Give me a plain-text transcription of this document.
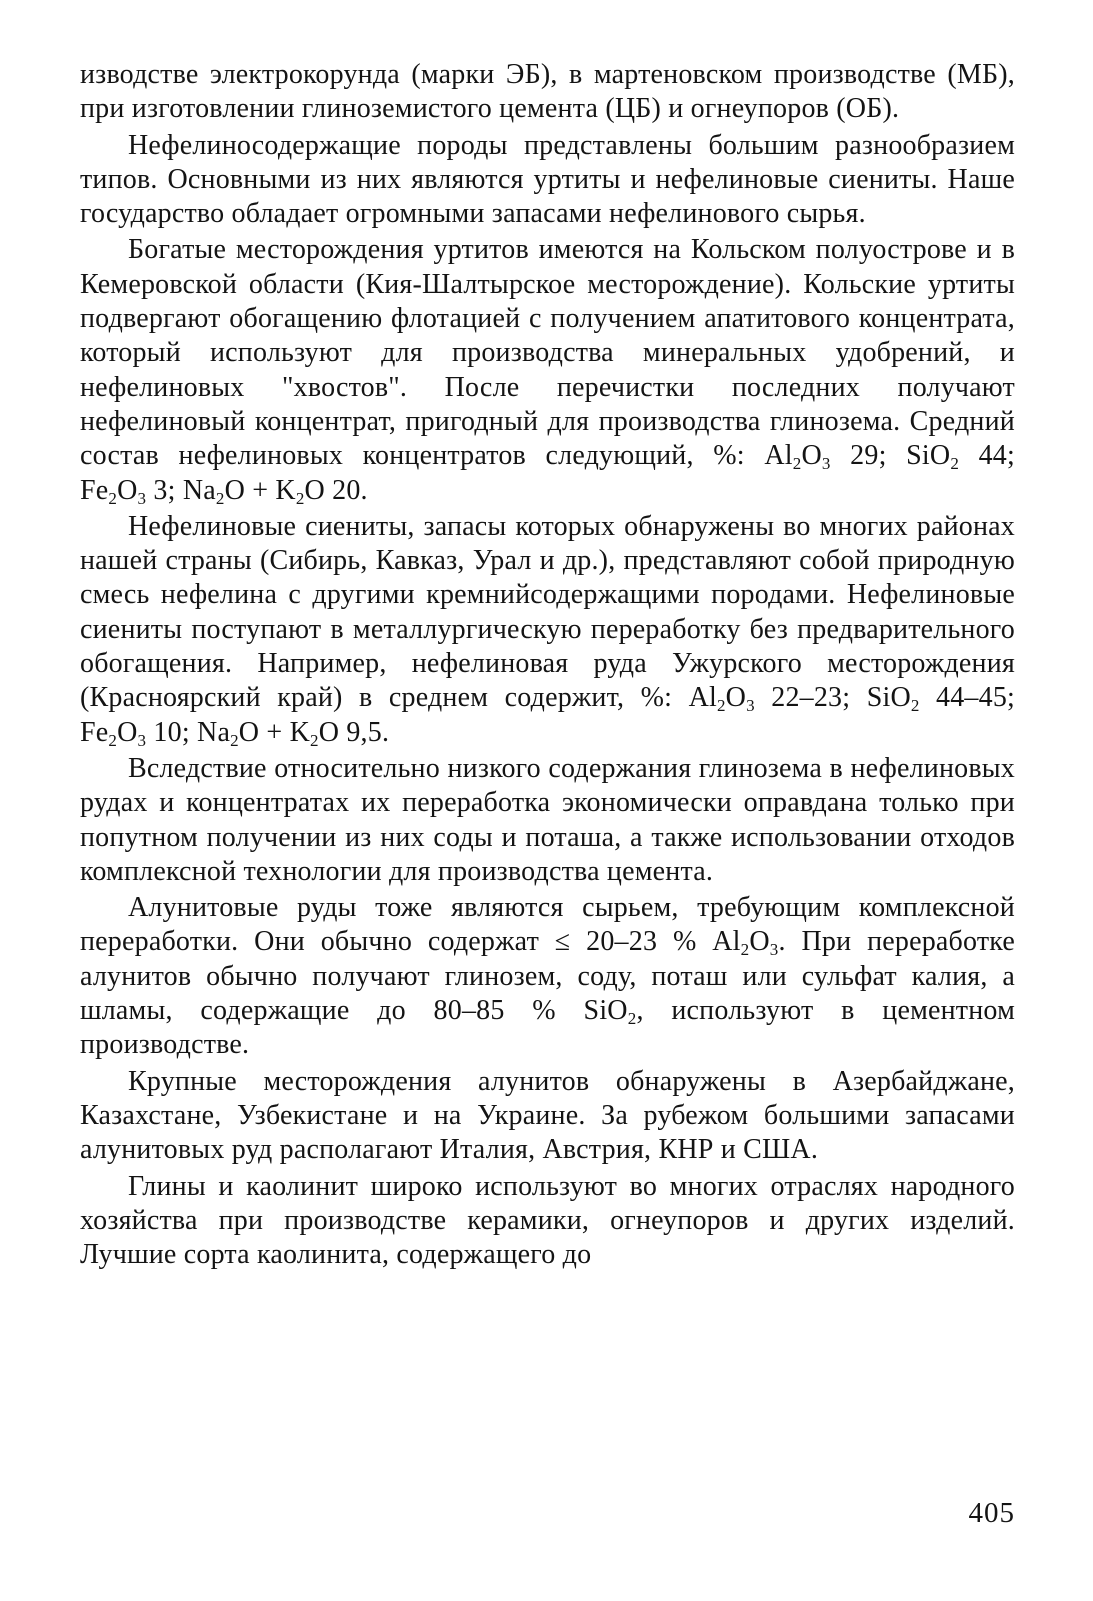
изводстве электрокорунда (марки ЭБ), в мартеновском производстве (МБ), при изготовлении глиноземистого цемента (ЦБ) и огнеупоров (ОБ).

Нефелиносодержащие породы представлены большим разнообразием типов. Основными из них являются уртиты и нефелиновые сиениты. Наше государство обладает огромными запасами нефелинового сырья.

Богатые месторождения уртитов имеются на Кольском полуострове и в Кемеровской области (Кия-Шалтырское месторождение). Кольские уртиты подвергают обогащению флотацией с получением апатитового концентрата, который используют для производства минеральных удобрений, и нефелиновых "хвостов". После перечистки последних получают нефелиновый концентрат, пригодный для производства глинозема. Средний состав нефелиновых концентратов следующий, %: $Al_2O_3$ 29; SiO$_2$ 44; $Fe_2O_3$ 3; $Na_2O + K_2O$ 20.

Нефелиновые сиениты, запасы которых обнаружены во многих районах нашей страны (Сибирь, Кавказ, Урал и др.), представляют собой природную смесь нефелина с другими кремнийсодержащими породами. Нефелиновые сиениты поступают в металлургическую переработку без предварительного обогащения. Например, нефелиновая руда Ужурского месторождения (Красноярский край) в среднем содержит, %: $Al_2O_3$ 22–23; SiO$_2$ 44–45; $Fe_2O_3$ 10; $Na_2O + K_2O$ 9,5.

Вследствие относительно низкого содержания глинозема в нефелиновых рудах и концентратах их переработка экономически оправдана только при попутном получении из них соды и поташа, а также использовании отходов комплексной технологии для производства цемента.

Алунитовые руды тоже являются сырьем, требующим комплексной переработки. Они обычно содержат ≤ 20–23 % $Al_2O_3$. При переработке алунитов обычно получают глинозем, соду, поташ или сульфат калия, а шламы, содержащие до 80–85 % SiO$_2$, используют в цементном производстве.

Крупные месторождения алунитов обнаружены в Азербайджане, Казахстане, Узбекистане и на Украине. За рубежом большими запасами алунитовых руд располагают Италия, Австрия, КНР и США.

Глины и каолинит широко используют во многих отраслях народного хозяйства при производстве керамики, огнеупоров и других изделий. Лучшие сорта каолинита, содержащего до

405
